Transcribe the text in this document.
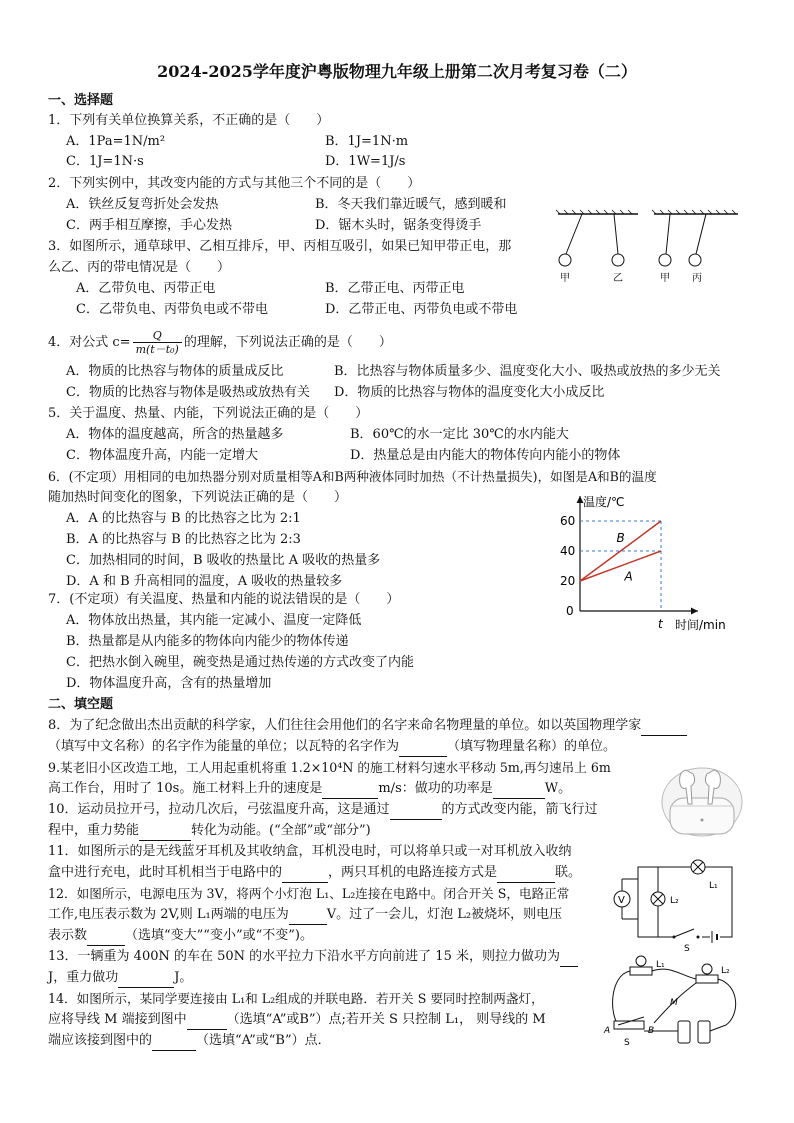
2024-2025学年度沪粤版物理九年级上册第二次月考复习卷（二）
一、选择题
1．下列有关单位换算关系，不正确的是（　　）
A．1Pa=1N/m²	B．1J=1N·m
C．1J=1N·s	D．1W=1J/s
2．下列实例中，其改变内能的方式与其他三个不同的是（　　）
A．铁丝反复弯折处会发热	B．冬天我们靠近暖气，感到暖和
C．两手相互摩擦，手心发热	D．锯木头时，锯条变得烫手
3．如图所示，通草球甲、乙相互排斥，甲、丙相互吸引，如果已知甲带正电，那
么乙、丙的带电情况是（　　）
A．乙带负电、丙带正电	B．乙带正电、丙带正电
C．乙带负电、丙带负电或不带电	D．乙带正电、丙带负电或不带电
甲	乙	甲 丙
4．对公式 $c= \frac{Q}{\text{m(t－t₀)}}$ 的理解，下列说法正确的是（　　）
A．物质的比热容与物体的质量成反比	B．比热容与物体质量多少、温度变化大小、吸热或放热的多少无关
C．物质的比热容与物体是吸热或放热有关 D．物质的比热容与物体的温度变化大小成反比
5．关于温度、热量、内能，下列说法正确的是（　　）
A．物体的温度越高，所含的热量越多	B．60℃的水一定比 30℃的水内能大
C．物体温度升高，内能一定增大	D．热量总是由内能大的物体传向内能小的物体
6．(不定项）用相同的电加热器分别对质量相等A和B两种液体同时加热（不计热量损失)，如图是A和B的温度
随加热时间变化的图象，下列说法正确的是（　　）
A．A 的比热容与 B 的比热容之比为 2:1
B．A 的比热容与 B 的比热容之比为 2:3
C．加热相同的时间，B 吸收的热量比 A 吸收的热量多
D．A 和 B 升高相同的温度，A 吸收的热量较多
温度/℃
时间/min
0
20
40
60
t
A
B
7．(不定项）有关温度、热量和内能的说法错误的是（　　）
A．物体放出热量，其内能一定减小、温度一定降低
B．热量都是从内能多的物体向内能少的物体传递
C．把热水倒入碗里，碗变热是通过热传递的方式改变了内能
D．物体温度升高，含有的热量增加
二、填空题
8．为了纪念做出杰出贡献的科学家，人们往往会用他们的名字来命名物理量的单位。如以英国物理学家
（填写中文名称）的名字作为能量的单位；以瓦特的名字作为	（填写物理量名称）的单位。
9.某老旧小区改造工地，工人用起重机将重 1.2×10⁴N 的施工材料匀速水平移动 5m,再匀速吊上 6m
高工作台，用时了 10s。施工材料上升的速度是	m/s：做功的功率是	W。
10．运动员拉开弓，拉动几次后，弓弦温度升高，这是通过	的方式改变内能，箭飞行过
程中，重力势能	转化为动能。(“全部”或“部分”)
11．如图所示的是无线蓝牙耳机及其收纳盒，耳机没电时，可以将单只或一对耳机放入收纳
盒中进行充电，此时耳机相当于电路中的	，两只耳机的电路连接方式是	联。
L₁
L₂
V
S
12．如图所示，电源电压为 3V，将两个小灯泡 L₁、L₂连接在电路中。闭合开关 S，电路正常
工作,电压表示数为 2V,则 L₁两端的电压为	V。过了一会儿，灯泡 L₂被烧坏，则电压
表示数	（选填“变大”“变小”或“不变”)。
13．一辆重为 400N 的车在 50N 的水平拉力下沿水平方向前进了 15 米，则拉力做功为
J，重力做功	J。
L₁
L₂
M
A	B
S
14．如图所示，某同学要连接由 L₁和 L₂组成的并联电路．若开关 S 要同时控制两盏灯，
应将导线 M 端接到图中	（选填“A”或B”）点;若开关 S 只控制 L₁， 则导线的 M
端应该接到图中的	（选填“A”或“B”）点．
